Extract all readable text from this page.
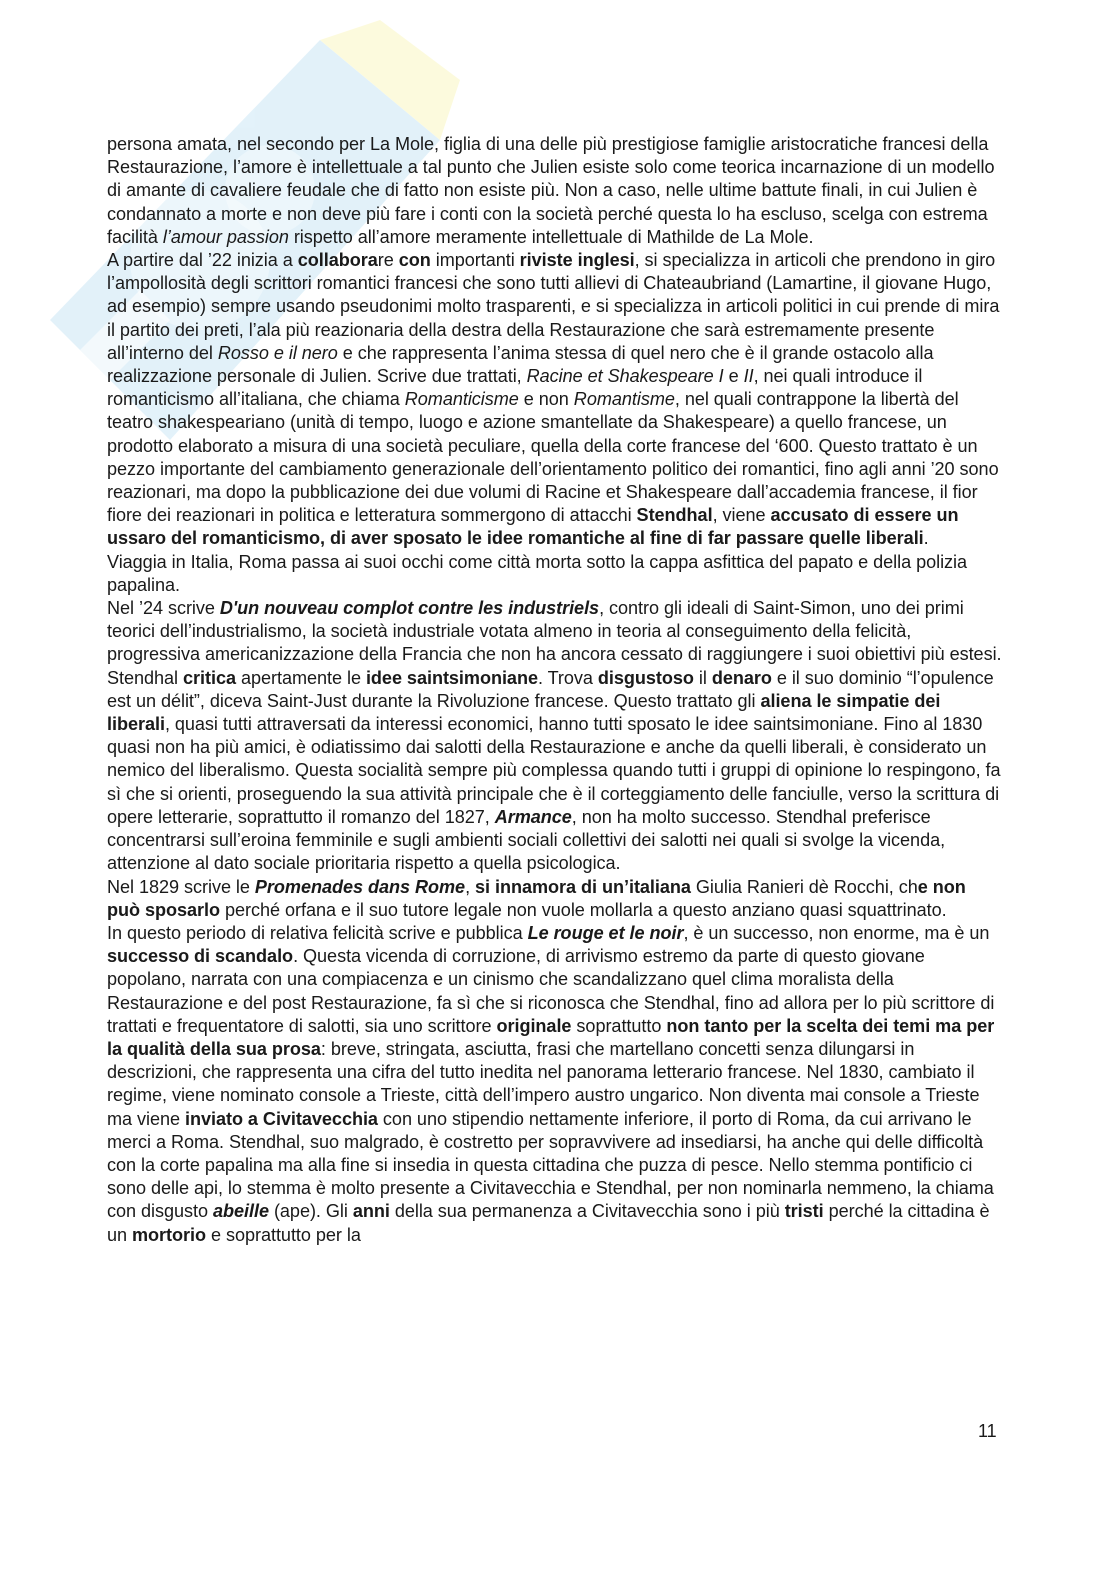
persona amata, nel secondo per La Mole, figlia di una delle più prestigiose famiglie aristocratiche francesi della Restaurazione, l’amore è intellettuale a tal punto che Julien esiste solo come teorica incarnazione di un modello di amante di cavaliere feudale che di fatto non esiste più. Non a caso, nelle ultime battute finali, in cui Julien è condannato a morte e non deve più fare i conti con la società perché questa lo ha escluso, scelga con estrema facilità l’amour passion rispetto all’amore meramente intellettuale di Mathilde de La Mole.

A partire dal ’22 inizia a collaborare con importanti riviste inglesi, si specializza in articoli che prendono in giro l’ampollosità degli scrittori romantici francesi che sono tutti allievi di Chateaubriand (Lamartine, il giovane Hugo, ad esempio) sempre usando pseudonimi molto trasparenti, e si specializza in articoli politici in cui prende di mira il partito dei preti, l’ala più reazionaria della destra della Restaurazione che sarà estremamente presente all’interno del Rosso e il nero e che rappresenta l’anima stessa di quel nero che è il grande ostacolo alla realizzazione personale di Julien. Scrive due trattati, Racine et Shakespeare I e II, nei quali introduce il romanticismo all’italiana, che chiama Romanticisme e non Romantisme, nel quali contrappone la libertà del teatro shakespeariano (unità di tempo, luogo e azione smantellate da Shakespeare) a quello francese, un prodotto elaborato a misura di una società peculiare, quella della corte francese del ‘600. Questo trattato è un pezzo importante del cambiamento generazionale dell’orientamento politico dei romantici, fino agli anni ’20 sono reazionari, ma dopo la pubblicazione dei due volumi di Racine et Shakespeare dall’accademia francese, il fior fiore dei reazionari in politica e letteratura sommergono di attacchi Stendhal, viene accusato di essere un ussaro del romanticismo, di aver sposato le idee romantiche al fine di far passare quelle liberali.

Viaggia in Italia, Roma passa ai suoi occhi come città morta sotto la cappa asfittica del papato e della polizia papalina.

Nel ’24 scrive D'un nouveau complot contre les industriels, contro gli ideali di Saint-Simon, uno dei primi teorici dell’industrialismo, la società industriale votata almeno in teoria al conseguimento della felicità, progressiva americanizzazione della Francia che non ha ancora cessato di raggiungere i suoi obiettivi più estesi. Stendhal critica apertamente le idee saintsimoniane. Trova disgustoso il denaro e il suo dominio “l’opulence est un délit”, diceva Saint-Just durante la Rivoluzione francese. Questo trattato gli aliena le simpatie dei liberali, quasi tutti attraversati da interessi economici, hanno tutti sposato le idee saintsimoniane. Fino al 1830 quasi non ha più amici, è odiatissimo dai salotti della Restaurazione e anche da quelli liberali, è considerato un nemico del liberalismo. Questa socialità sempre più complessa quando tutti i gruppi di opinione lo respingono, fa sì che si orienti, proseguendo la sua attività principale che è il corteggiamento delle fanciulle, verso la scrittura di opere letterarie, soprattutto il romanzo del 1827, Armance, non ha molto successo. Stendhal preferisce concentrarsi sull’eroina femminile e sugli ambienti sociali collettivi dei salotti nei quali si svolge la vicenda, attenzione al dato sociale prioritaria rispetto a quella psicologica.

Nel 1829 scrive le Promenades dans Rome, si innamora di un’italiana Giulia Ranieri dè Rocchi, che non può sposarlo perché orfana e il suo tutore legale non vuole mollarla a questo anziano quasi squattrinato.

In questo periodo di relativa felicità scrive e pubblica Le rouge et le noir, è un successo, non enorme, ma è un successo di scandalo. Questa vicenda di corruzione, di arrivismo estremo da parte di questo giovane popolano, narrata con una compiacenza e un cinismo che scandalizzano quel clima moralista della Restaurazione e del post Restaurazione, fa sì che si riconosca che Stendhal, fino ad allora per lo più scrittore di trattati e frequentatore di salotti, sia uno scrittore originale soprattutto non tanto per la scelta dei temi ma per la qualità della sua prosa: breve, stringata, asciutta, frasi che martellano concetti senza dilungarsi in descrizioni, che rappresenta una cifra del tutto inedita nel panorama letterario francese. Nel 1830, cambiato il regime, viene nominato console a Trieste, città dell’impero austro ungarico. Non diventa mai console a Trieste ma viene inviato a Civitavecchia con uno stipendio nettamente inferiore, il porto di Roma, da cui arrivano le merci a Roma. Stendhal, suo malgrado, è costretto per sopravvivere ad insediarsi, ha anche qui delle difficoltà con la corte papalina ma alla fine si insedia in questa cittadina che puzza di pesce. Nello stemma pontificio ci sono delle api, lo stemma è molto presente a Civitavecchia e Stendhal, per non nominarla nemmeno, la chiama con disgusto abeille (ape). Gli anni della sua permanenza a Civitavecchia sono i più tristi perché la cittadina è un mortorio e soprattutto per la

11
